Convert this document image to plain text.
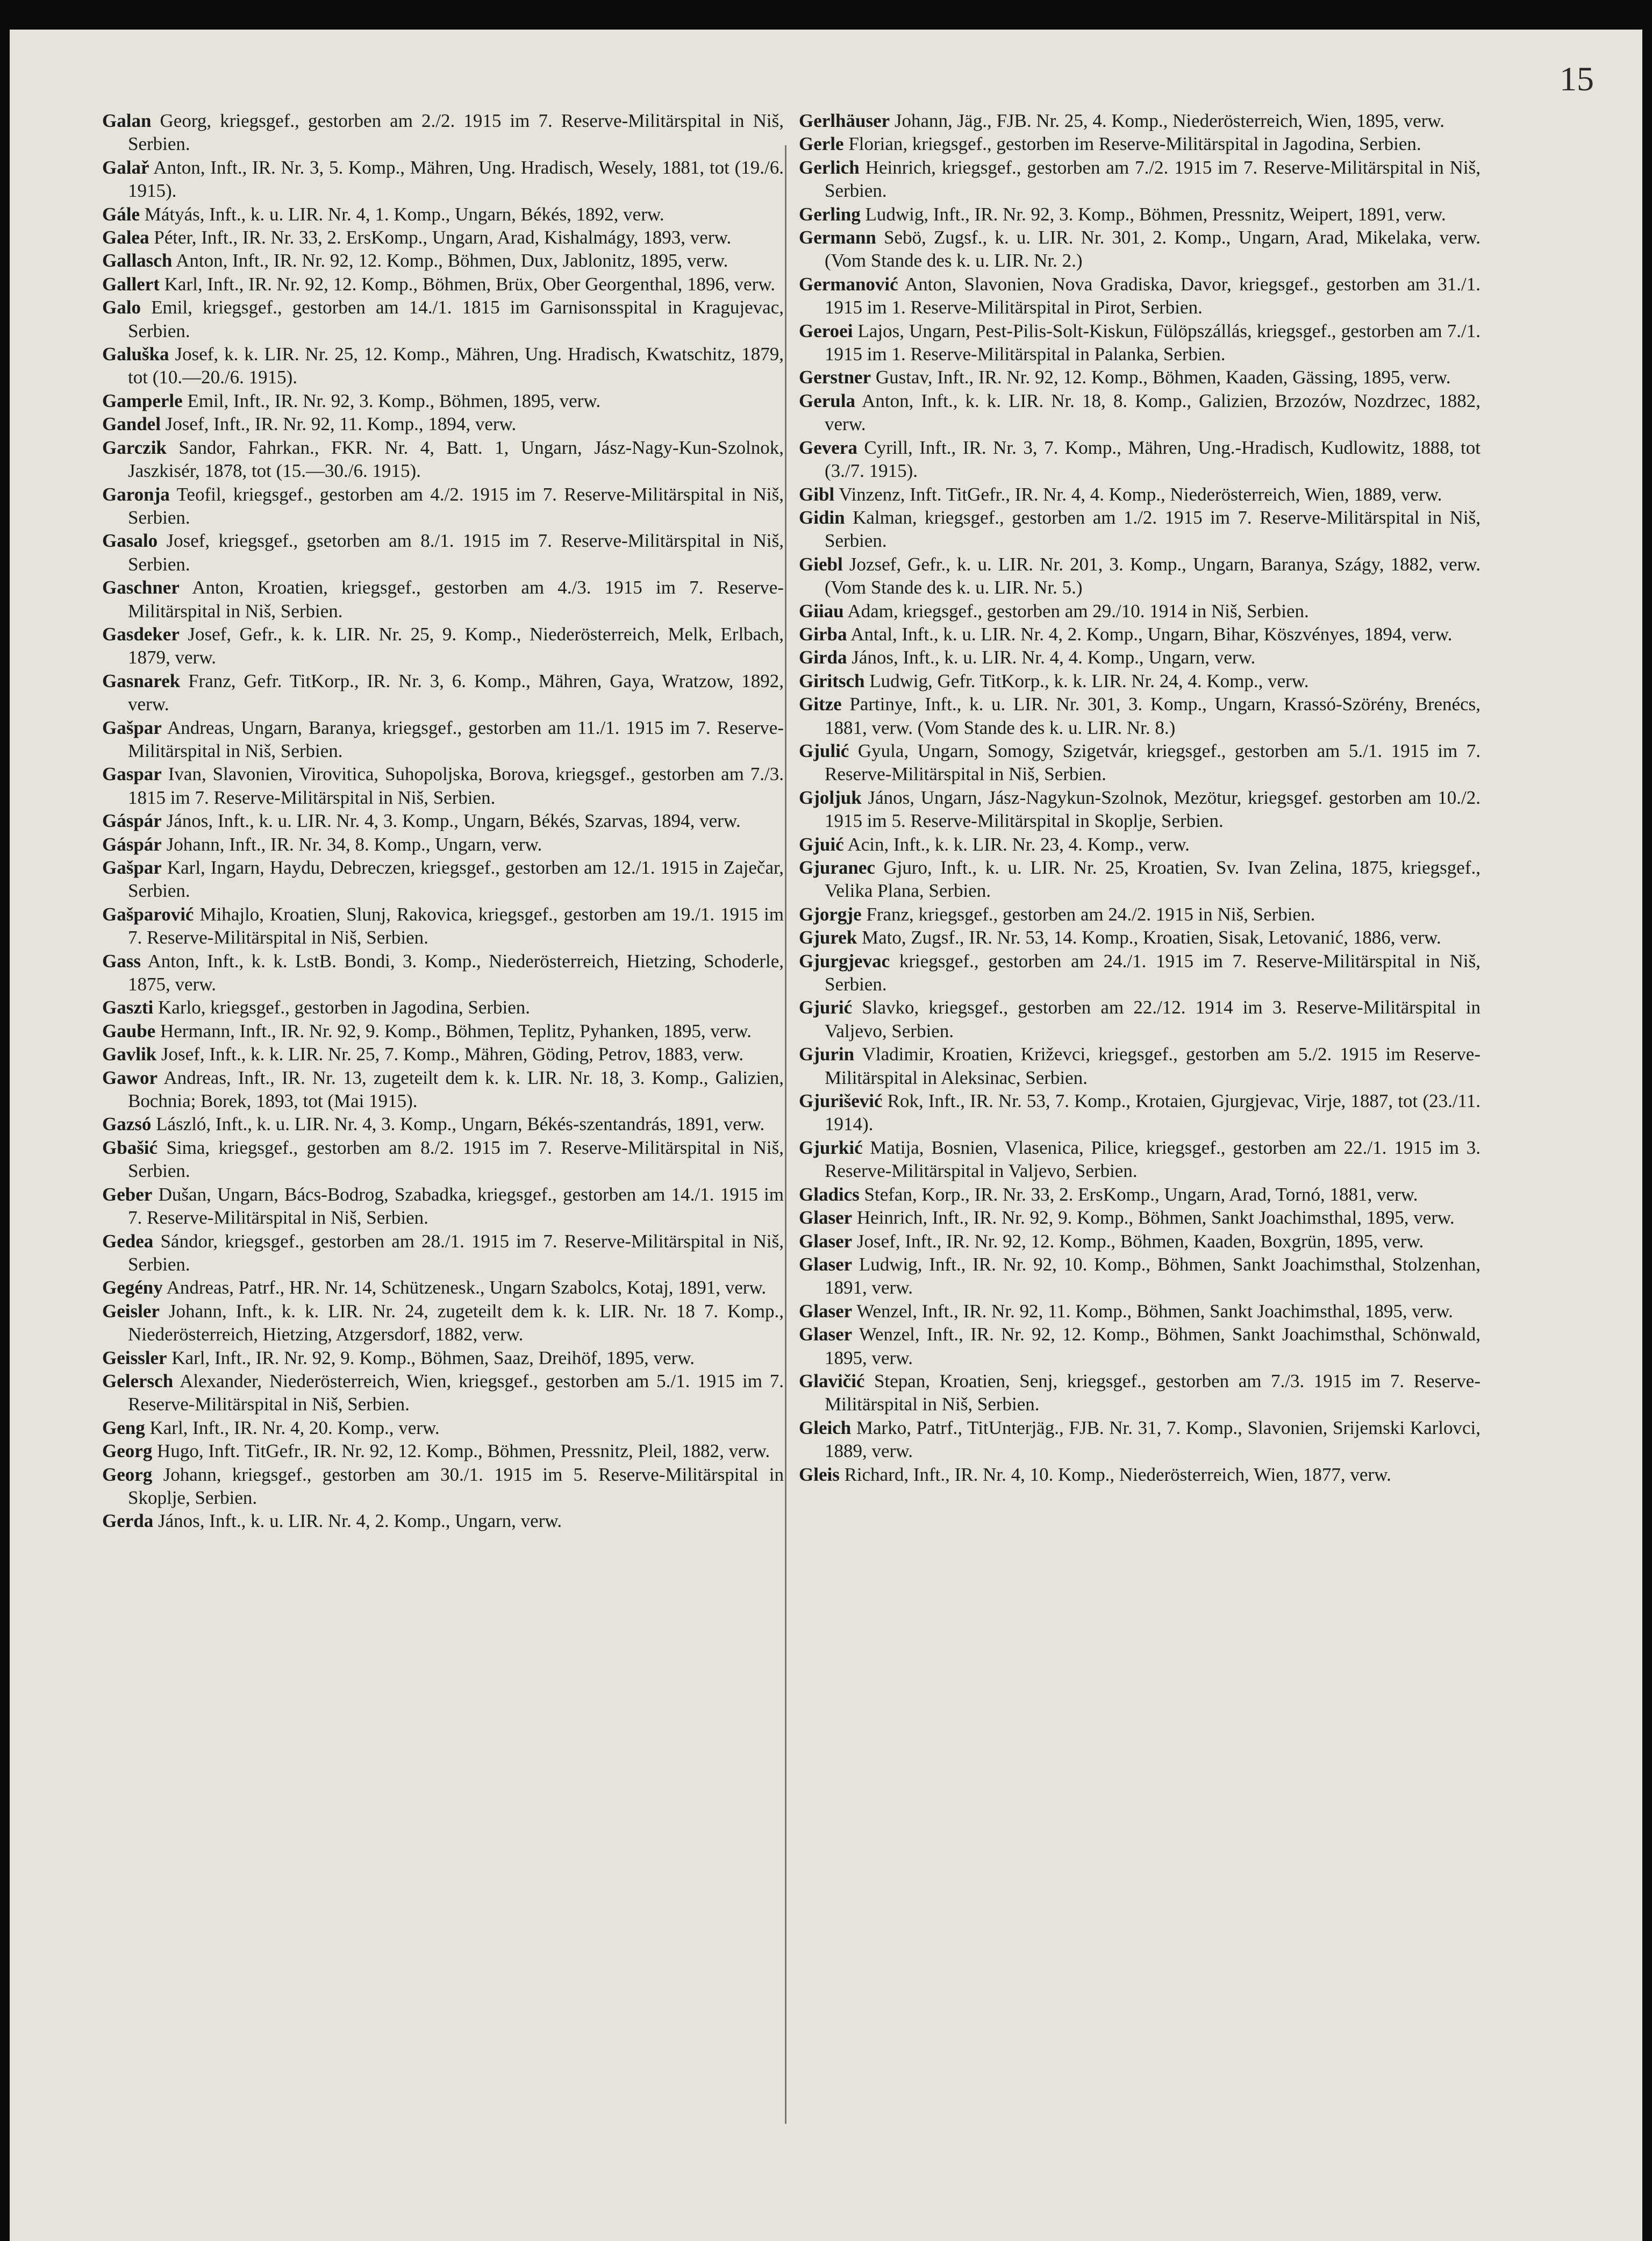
15

Galan Georg, kriegsgef., gestorben am 2./2. 1915 im 7. Reserve-Militärspital in Niš, Serbien.

Galař Anton, Inft., IR. Nr. 3, 5. Komp., Mähren, Ung. Hradisch, Wesely, 1881, tot (19./6. 1915).

Gále Mátyás, Inft., k. u. LIR. Nr. 4, 1. Komp., Ungarn, Békés, 1892, verw.

Galea Péter, Inft., IR. Nr. 33, 2. ErsKomp., Ungarn, Arad, Kishalmágy, 1893, verw.

Gallasch Anton, Inft., IR. Nr. 92, 12. Komp., Böhmen, Dux, Jablonitz, 1895, verw.

Gallert Karl, Inft., IR. Nr. 92, 12. Komp., Böhmen, Brüx, Ober Georgenthal, 1896, verw.

Galo Emil, kriegsgef., gestorben am 14./1. 1815 im Garnisonsspital in Kragujevac, Serbien.

Galuška Josef, k. k. LIR. Nr. 25, 12. Komp., Mähren, Ung. Hradisch, Kwatschitz, 1879, tot (10.—20./6. 1915).

Gamperle Emil, Inft., IR. Nr. 92, 3. Komp., Böhmen, 1895, verw.

Gandel Josef, Inft., IR. Nr. 92, 11. Komp., 1894, verw.

Garczik Sandor, Fahrkan., FKR. Nr. 4, Batt. 1, Ungarn, Jász-Nagy-Kun-Szolnok, Jaszkisér, 1878, tot (15.—30./6. 1915).

Garonja Teofil, kriegsgef., gestorben am 4./2. 1915 im 7. Reserve-Militärspital in Niš, Serbien.

Gasalo Josef, kriegsgef., gsetorben am 8./1. 1915 im 7. Reserve-Militärspital in Niš, Serbien.

Gaschner Anton, Kroatien, kriegsgef., gestorben am 4./3. 1915 im 7. Reserve-Militärspital in Niš, Serbien.

Gasdeker Josef, Gefr., k. k. LIR. Nr. 25, 9. Komp., Niederösterreich, Melk, Erlbach, 1879, verw.

Gasnarek Franz, Gefr. TitKorp., IR. Nr. 3, 6. Komp., Mähren, Gaya, Wratzow, 1892, verw.

Gašpar Andreas, Ungarn, Baranya, kriegsgef., gestorben am 11./1. 1915 im 7. Reserve-Militärspital in Niš, Serbien.

Gaspar Ivan, Slavonien, Virovitica, Suhopoljska, Borova, kriegsgef., gestorben am 7./3. 1815 im 7. Reserve-Militärspital in Niš, Serbien.

Gáspár János, Inft., k. u. LIR. Nr. 4, 3. Komp., Ungarn, Békés, Szarvas, 1894, verw.

Gáspár Johann, Inft., IR. Nr. 34, 8. Komp., Ungarn, verw.

Gašpar Karl, Ingarn, Haydu, Debreczen, kriegsgef., gestorben am 12./1. 1915 in Zaječar, Serbien.

Gašparović Mihajlo, Kroatien, Slunj, Rakovica, kriegsgef., gestorben am 19./1. 1915 im 7. Reserve-Militärspital in Niš, Serbien.

Gass Anton, Inft., k. k. LstB. Bondi, 3. Komp., Niederösterreich, Hietzing, Schoderle, 1875, verw.

Gaszti Karlo, kriegsgef., gestorben in Jagodina, Serbien.

Gaube Hermann, Inft., IR. Nr. 92, 9. Komp., Böhmen, Teplitz, Pyhanken, 1895, verw.

Gavlik Josef, Inft., k. k. LIR. Nr. 25, 7. Komp., Mähren, Göding, Petrov, 1883, verw.

Gawor Andreas, Inft., IR. Nr. 13, zugeteilt dem k. k. LIR. Nr. 18, 3. Komp., Galizien, Bochnia; Borek, 1893, tot (Mai 1915).

Gazsó László, Inft., k. u. LIR. Nr. 4, 3. Komp., Ungarn, Békés-szentandrás, 1891, verw.

Gbašić Sima, kriegsgef., gestorben am 8./2. 1915 im 7. Reserve-Militärspital in Niš, Serbien.

Geber Dušan, Ungarn, Bács-Bodrog, Szabadka, kriegsgef., gestorben am 14./1. 1915 im 7. Reserve-Militärspital in Niš, Serbien.

Gedea Sándor, kriegsgef., gestorben am 28./1. 1915 im 7. Reserve-Militärspital in Niš, Serbien.

Gegény Andreas, Patrf., HR. Nr. 14, Schützenesk., Ungarn Szabolcs, Kotaj, 1891, verw.

Geisler Johann, Inft., k. k. LIR. Nr. 24, zugeteilt dem k. k. LIR. Nr. 18 7. Komp., Niederösterreich, Hietzing, Atzgersdorf, 1882, verw.

Geissler Karl, Inft., IR. Nr. 92, 9. Komp., Böhmen, Saaz, Dreihöf, 1895, verw.

Gelersch Alexander, Niederösterreich, Wien, kriegsgef., gestorben am 5./1. 1915 im 7. Reserve-Militärspital in Niš, Serbien.

Geng Karl, Inft., IR. Nr. 4, 20. Komp., verw.

Georg Hugo, Inft. TitGefr., IR. Nr. 92, 12. Komp., Böhmen, Pressnitz, Pleil, 1882, verw.

Georg Johann, kriegsgef., gestorben am 30./1. 1915 im 5. Reserve-Militärspital in Skoplje, Serbien.

Gerda János, Inft., k. u. LIR. Nr. 4, 2. Komp., Ungarn, verw.

Gerlhäuser Johann, Jäg., FJB. Nr. 25, 4. Komp., Niederösterreich, Wien, 1895, verw.

Gerle Florian, kriegsgef., gestorben im Reserve-Militärspital in Jagodina, Serbien.

Gerlich Heinrich, kriegsgef., gestorben am 7./2. 1915 im 7. Reserve-Militärspital in Niš, Serbien.

Gerling Ludwig, Inft., IR. Nr. 92, 3. Komp., Böhmen, Pressnitz, Weipert, 1891, verw.

Germann Sebö, Zugsf., k. u. LIR. Nr. 301, 2. Komp., Ungarn, Arad, Mikelaka, verw. (Vom Stande des k. u. LIR. Nr. 2.)

Germanović Anton, Slavonien, Nova Gradiska, Davor, kriegsgef., gestorben am 31./1. 1915 im 1. Reserve-Militärspital in Pirot, Serbien.

Geroei Lajos, Ungarn, Pest-Pilis-Solt-Kiskun, Fülöpszállás, kriegsgef., gestorben am 7./1. 1915 im 1. Reserve-Militärspital in Palanka, Serbien.

Gerstner Gustav, Inft., IR. Nr. 92, 12. Komp., Böhmen, Kaaden, Gässing, 1895, verw.

Gerula Anton, Inft., k. k. LIR. Nr. 18, 8. Komp., Galizien, Brzozów, Nozdrzec, 1882, verw.

Gevera Cyrill, Inft., IR. Nr. 3, 7. Komp., Mähren, Ung.-Hradisch, Kudlowitz, 1888, tot (3./7. 1915).

Gibl Vinzenz, Inft. TitGefr., IR. Nr. 4, 4. Komp., Niederösterreich, Wien, 1889, verw.

Gidin Kalman, kriegsgef., gestorben am 1./2. 1915 im 7. Reserve-Militärspital in Niš, Serbien.

Giebl Jozsef, Gefr., k. u. LIR. Nr. 201, 3. Komp., Ungarn, Baranya, Szágy, 1882, verw. (Vom Stande des k. u. LIR. Nr. 5.)

Giiau Adam, kriegsgef., gestorben am 29./10. 1914 in Niš, Serbien.

Girba Antal, Inft., k. u. LIR. Nr. 4, 2. Komp., Ungarn, Bihar, Köszvényes, 1894, verw.

Girda János, Inft., k. u. LIR. Nr. 4, 4. Komp., Ungarn, verw.

Giritsch Ludwig, Gefr. TitKorp., k. k. LIR. Nr. 24, 4. Komp., verw.

Gitze Partinye, Inft., k. u. LIR. Nr. 301, 3. Komp., Ungarn, Krassó-Szörény, Brenécs, 1881, verw. (Vom Stande des k. u. LIR. Nr. 8.)

Gjulić Gyula, Ungarn, Somogy, Szigetvár, kriegsgef., gestorben am 5./1. 1915 im 7. Reserve-Militärspital in Niš, Serbien.

Gjoljuk János, Ungarn, Jász-Nagykun-Szolnok, Mezötur, kriegsgef. gestorben am 10./2. 1915 im 5. Reserve-Militärspital in Skoplje, Serbien.

Gjuić Acin, Inft., k. k. LIR. Nr. 23, 4. Komp., verw.

Gjuranec Gjuro, Inft., k. u. LIR. Nr. 25, Kroatien, Sv. Ivan Zelina, 1875, kriegsgef., Velika Plana, Serbien.

Gjorgje Franz, kriegsgef., gestorben am 24./2. 1915 in Niš, Serbien.

Gjurek Mato, Zugsf., IR. Nr. 53, 14. Komp., Kroatien, Sisak, Letovanić, 1886, verw.

Gjurgjevac kriegsgef., gestorben am 24./1. 1915 im 7. Reserve-Militärspital in Niš, Serbien.

Gjurić Slavko, kriegsgef., gestorben am 22./12. 1914 im 3. Reserve-Militärspital in Valjevo, Serbien.

Gjurin Vladimir, Kroatien, Križevci, kriegsgef., gestorben am 5./2. 1915 im Reserve-Militärspital in Aleksinac, Serbien.

Gjurišević Rok, Inft., IR. Nr. 53, 7. Komp., Krotaien, Gjurgjevac, Virje, 1887, tot (23./11. 1914).

Gjurkić Matija, Bosnien, Vlasenica, Pilice, kriegsgef., gestorben am 22./1. 1915 im 3. Reserve-Militärspital in Valjevo, Serbien.

Gladics Stefan, Korp., IR. Nr. 33, 2. ErsKomp., Ungarn, Arad, Tornó, 1881, verw.

Glaser Heinrich, Inft., IR. Nr. 92, 9. Komp., Böhmen, Sankt Joachimsthal, 1895, verw.

Glaser Josef, Inft., IR. Nr. 92, 12. Komp., Böhmen, Kaaden, Boxgrün, 1895, verw.

Glaser Ludwig, Inft., IR. Nr. 92, 10. Komp., Böhmen, Sankt Joachimsthal, Stolzenhan, 1891, verw.

Glaser Wenzel, Inft., IR. Nr. 92, 11. Komp., Böhmen, Sankt Joachimsthal, 1895, verw.

Glaser Wenzel, Inft., IR. Nr. 92, 12. Komp., Böhmen, Sankt Joachimsthal, Schönwald, 1895, verw.

Glavičić Stepan, Kroatien, Senj, kriegsgef., gestorben am 7./3. 1915 im 7. Reserve-Militärspital in Niš, Serbien.

Gleich Marko, Patrf., TitUnterjäg., FJB. Nr. 31, 7. Komp., Slavonien, Srijemski Karlovci, 1889, verw.

Gleis Richard, Inft., IR. Nr. 4, 10. Komp., Niederösterreich, Wien, 1877, verw.
